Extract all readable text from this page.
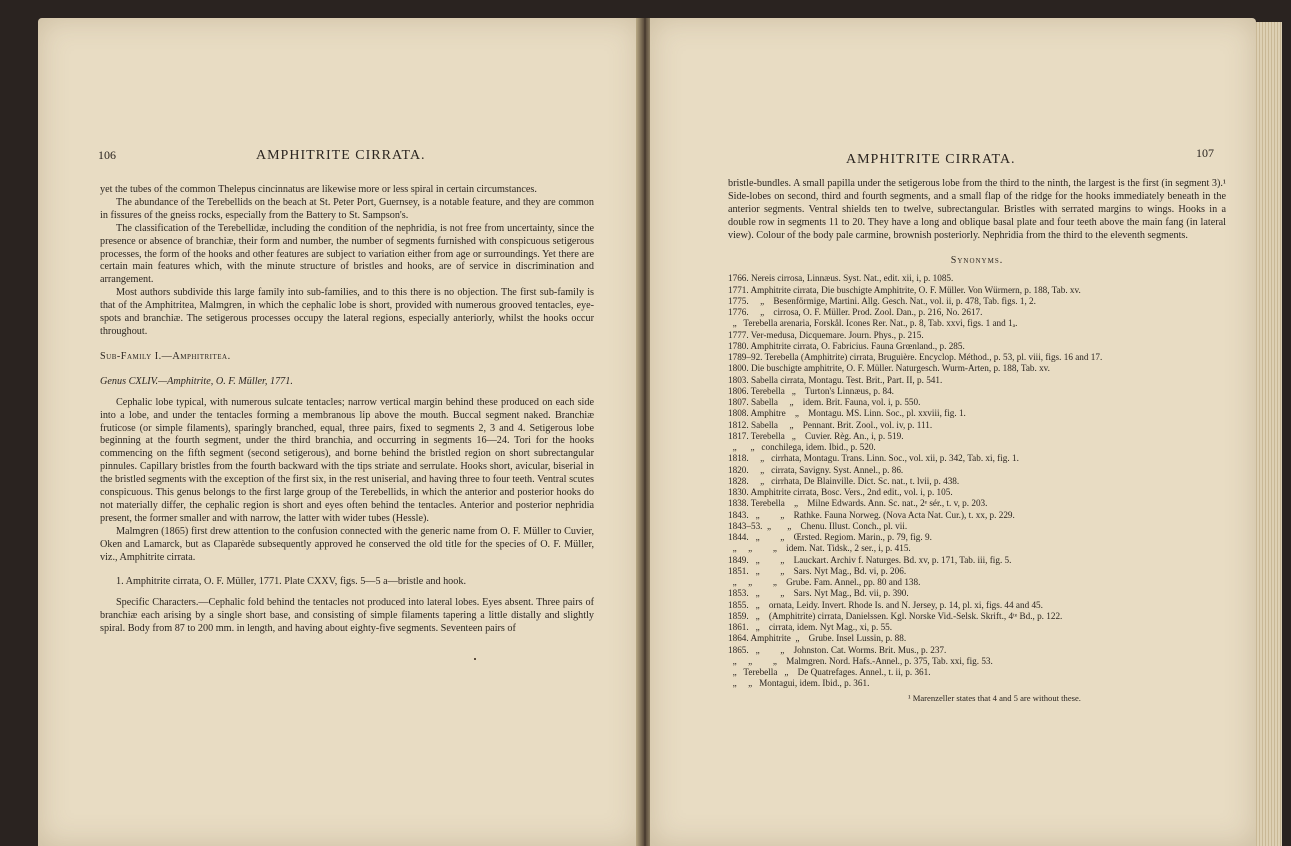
106	AMPHITRITE CIRRATA.

yet the tubes of the common Thelepus cincinnatus are likewise more or less spiral in certain circumstances.

The abundance of the Terebellids on the beach at St. Peter Port, Guernsey, is a notable feature, and they are common in fissures of the gneiss rocks, especially from the Battery to St. Sampson's.

The classification of the Terebellidæ, including the condition of the nephridia, is not free from uncertainty, since the presence or absence of branchiæ, their form and number, the number of segments furnished with conspicuous setigerous processes, the form of the hooks and other features are subject to variation either from age or surroundings. Yet there are certain main features which, with the minute structure of bristles and hooks, are of service in discrimination and arrangement.

Most authors subdivide this large family into sub-families, and to this there is no objection. The first sub-family is that of the Amphitritea, Malmgren, in which the cephalic lobe is short, provided with numerous grooved tentacles, eye-spots and branchiæ. The setigerous processes occupy the lateral regions, especially anteriorly, whilst the hooks occur throughout.

Sub-Family I.—Amphitritea.

Genus CXLIV.—Amphitrite, O. F. Müller, 1771.

Cephalic lobe typical, with numerous sulcate tentacles; narrow vertical margin behind these produced on each side into a lobe, and under the tentacles forming a membranous lip above the mouth. Buccal segment naked. Branchiæ fruticose (or simple filaments), sparingly branched, equal, three pairs, fixed to segments 2, 3 and 4. Setigerous lobe beginning at the fourth segment, under the third branchia, and occurring in segments 16—24. Tori for the hooks commencing on the fifth segment (second setigerous), and borne behind the bristled region on short subrectangular pinnules. Capillary bristles from the fourth backward with the tips striate and serrulate. Hooks short, avicular, biserial in the bristled segments with the exception of the first six, in the rest uniserial, and having three to four teeth. Ventral scutes conspicuous. This genus belongs to the first large group of the Terebellids, in which the anterior and posterior hooks do not materially differ, the cephalic region is short and eyes often behind the tentacles. Anterior and posterior nephridia present, the former smaller and with narrow, the latter with wider tubes (Hessle).

Malmgren (1865) first drew attention to the confusion connected with the generic name from O. F. Müller to Cuvier, Oken and Lamarck, but as Claparède subsequently approved he conserved the old title for the species of O. F. Müller, viz., Amphitrite cirrata.

1. Amphitrite cirrata, O. F. Müller, 1771. Plate CXXV, figs. 5—5 a—bristle and hook.

Specific Characters.—Cephalic fold behind the tentacles not produced into lateral lobes. Eyes absent. Three pairs of branchiæ each arising by a single short base, and consisting of simple filaments tapering a little distally and slightly spiral. Body from 87 to 200 mm. in length, and having about eighty-five segments. Seventeen pairs of

AMPHITRITE CIRRATA.	107

bristle-bundles. A small papilla under the setigerous lobe from the third to the ninth, the largest is the first (in segment 3).¹ Side-lobes on second, third and fourth segments, and a small flap of the ridge for the hooks immediately beneath in the anterior segments. Ventral shields ten to twelve, subrectangular. Bristles with serrated margins to wings. Hooks in a double row in segments 11 to 20. They have a long and oblique basal plate and four teeth above the main fang (in lateral view). Colour of the body pale carmine, brownish posteriorly. Nephridia from the third to the eleventh segments.

Synonyms.
1766. Nereis cirrosa, Linnæus. Syst. Nat., edit. xii, i, p. 1085.
1771. Amphitrite cirrata, Die buschigte Amphitrite, O. F. Müller. Von Würmern, p. 188, Tab. xv.
1775.     „    Besenförmige, Martini. Allg. Gesch. Nat., vol. ii, p. 478, Tab. figs. 1, 2.
1776.     „    cirrosa, O. F. Müller. Prod. Zool. Dan., p. 216, No. 2617.
„   Terebella arenaria, Forskål. Icones Rer. Nat., p. 8, Tab. xxvi, figs. 1 and 1ₐ.
1777. Ver-medusa, Dicquemare. Journ. Phys., p. 215.
1780. Amphitrite cirrata, O. Fabricius. Fauna Grœnland., p. 285.
1789–92. Terebella (Amphitrite) cirrata, Bruguière. Encyclop. Méthod., p. 53, pl. viii, figs. 16 and 17.
1800. Die buschigte amphitrite, O. F. Müller. Naturgesch. Wurm-Arten, p. 188, Tab. xv.
1803. Sabella cirrata, Montagu. Test. Brit., Part. II, p. 541.
1806. Terebella   „    Turton's Linnæus, p. 84.
1807. Sabella     „    idem. Brit. Fauna, vol. i, p. 550.
1808. Amphitre    „    Montagu. MS. Linn. Soc., pl. xxviii, fig. 1.
1812. Sabella     „    Pennant. Brit. Zool., vol. iv, p. 111.
1817. Terebella   „    Cuvier. Règ. An., i, p. 519.
„      „   conchilega, idem. Ibid., p. 520.
1818.     „   cirrhata, Montagu. Trans. Linn. Soc., vol. xii, p. 342, Tab. xi, fig. 1.
1820.     „   cirrata, Savigny. Syst. Annel., p. 86.
1828.     „   cirrhata, De Blainville. Dict. Sc. nat., t. lvii, p. 438.
1830. Amphitrite cirrata, Bosc. Vers., 2nd edit., vol. i, p. 105.
1838. Terebella    „    Milne Edwards. Ann. Sc. nat., 2ᵉ sér., t. v, p. 203.
1843.   „         „    Rathke. Fauna Norweg. (Nova Acta Nat. Cur.), t. xx, p. 229.
1843–53.  „       „    Chenu. Illust. Conch., pl. vii.
1844.   „         „    Œrsted. Regiom. Marin., p. 79, fig. 9.
„     „         „    idem. Nat. Tidsk., 2 ser., i, p. 415.
1849.   „         „    Lauckart. Archiv f. Naturges. Bd. xv, p. 171, Tab. iii, fig. 5.
1851.   „         „    Sars. Nyt Mag., Bd. vi, p. 206.
„     „         „    Grube. Fam. Annel., pp. 80 and 138.
1853.   „         „    Sars. Nyt Mag., Bd. vii, p. 390.
1855.   „    ornata, Leidy. Invert. Rhode Is. and N. Jersey, p. 14, pl. xi, figs. 44 and 45.
1859.   „    (Amphitrite) cirrata, Danielssen. Kgl. Norske Vid.-Selsk. Skrift., 4ᵗᵉ Bd., p. 122.
1861.   „    cirrata, idem. Nyt Mag., xi, p. 55.
1864. Amphitrite  „    Grube. Insel Lussin, p. 88.
1865.   „         „    Johnston. Cat. Worms. Brit. Mus., p. 237.
„     „         „    Malmgren. Nord. Hafs.-Annel., p. 375, Tab. xxi, fig. 53.
„   Terebella   „    De Quatrefages. Annel., t. ii, p. 361.
„     „   Montagui, idem. Ibid., p. 361.
¹ Marenzeller states that 4 and 5 are without these.
